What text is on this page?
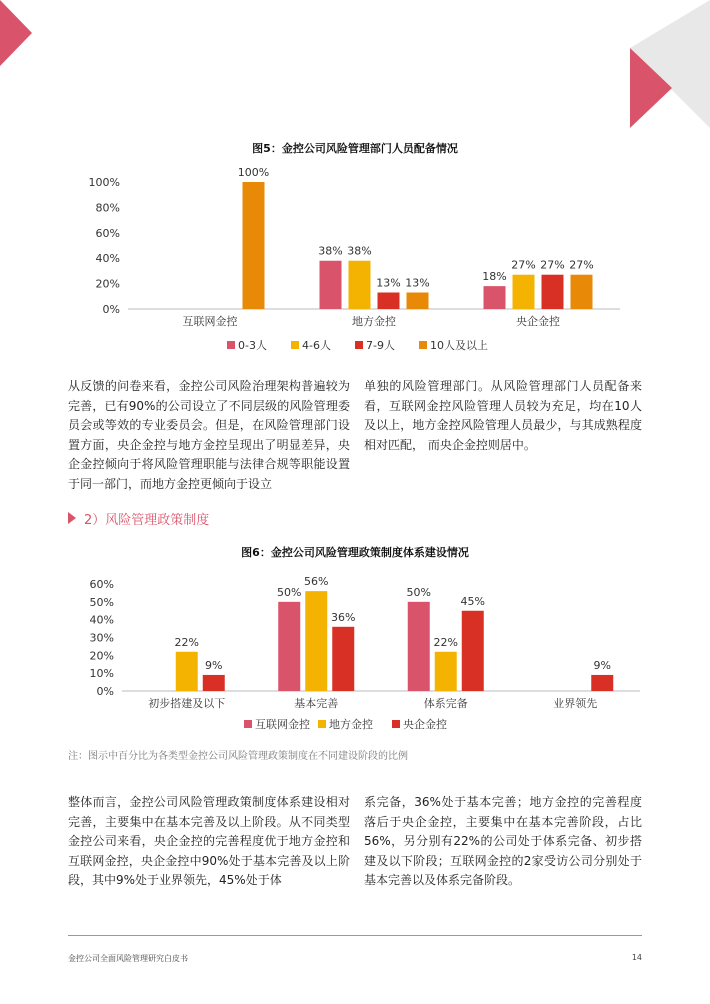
图5：金控公司风险管理部门人员配备情况
0%
20%
40%
60%
80%
100%
互联网金控
100%
地方金控
38% 38%
13% 13%
央企金控
18%
27% 27% 27%
0-3人	4-6人	7-9人	10人及以上

从反馈的问卷来看，金控公司风险治理架构普遍较为完善，已有90%的公司设立了不同层级的风险管理委员会或等效的专业委员会。但是，在风险管理部门设置方面，央企金控与地方金控呈现出了明显差异，央企金控倾向于将风险管理职能与法律合规等职能设置于同一部门，而地方金控更倾向于设立

单独的风险管理部门。从风险管理部门人员配备来看，互联网金控风险管理人员较为充足，均在10人及以上，地方金控风险管理人员最少，与其成熟程度相对匹配， 而央企金控则居中。

2）风险管理政策制度
图6：金控公司风险管理政策制度体系建设情况
0%
10%
20%
30%
40%
50%
60%
初步搭建及以下
22%
9%
基本完善
50%
56%
36%
体系完备
50%
22%
45%
业界领先
9%
互联网金控 地方金控	央企金控
注：图示中百分比为各类型金控公司风险管理政策制度在不同建设阶段的比例

整体而言，金控公司风险管理政策制度体系建设相对完善，主要集中在基本完善及以上阶段。从不同类型金控公司来看，央企金控的完善程度优于地方金控和互联网金控，央企金控中90%处于基本完善及以上阶段，其中9%处于业界领先，45%处于体

系完备，36%处于基本完善；地方金控的完善程度落后于央企金控，主要集中在基本完善阶段，占比56%，另分别有22%的公司处于体系完备、初步搭建及以下阶段；互联网金控的2家受访公司分别处于基本完善以及体系完备阶段。

金控公司全面风险管理研究白皮书	14
